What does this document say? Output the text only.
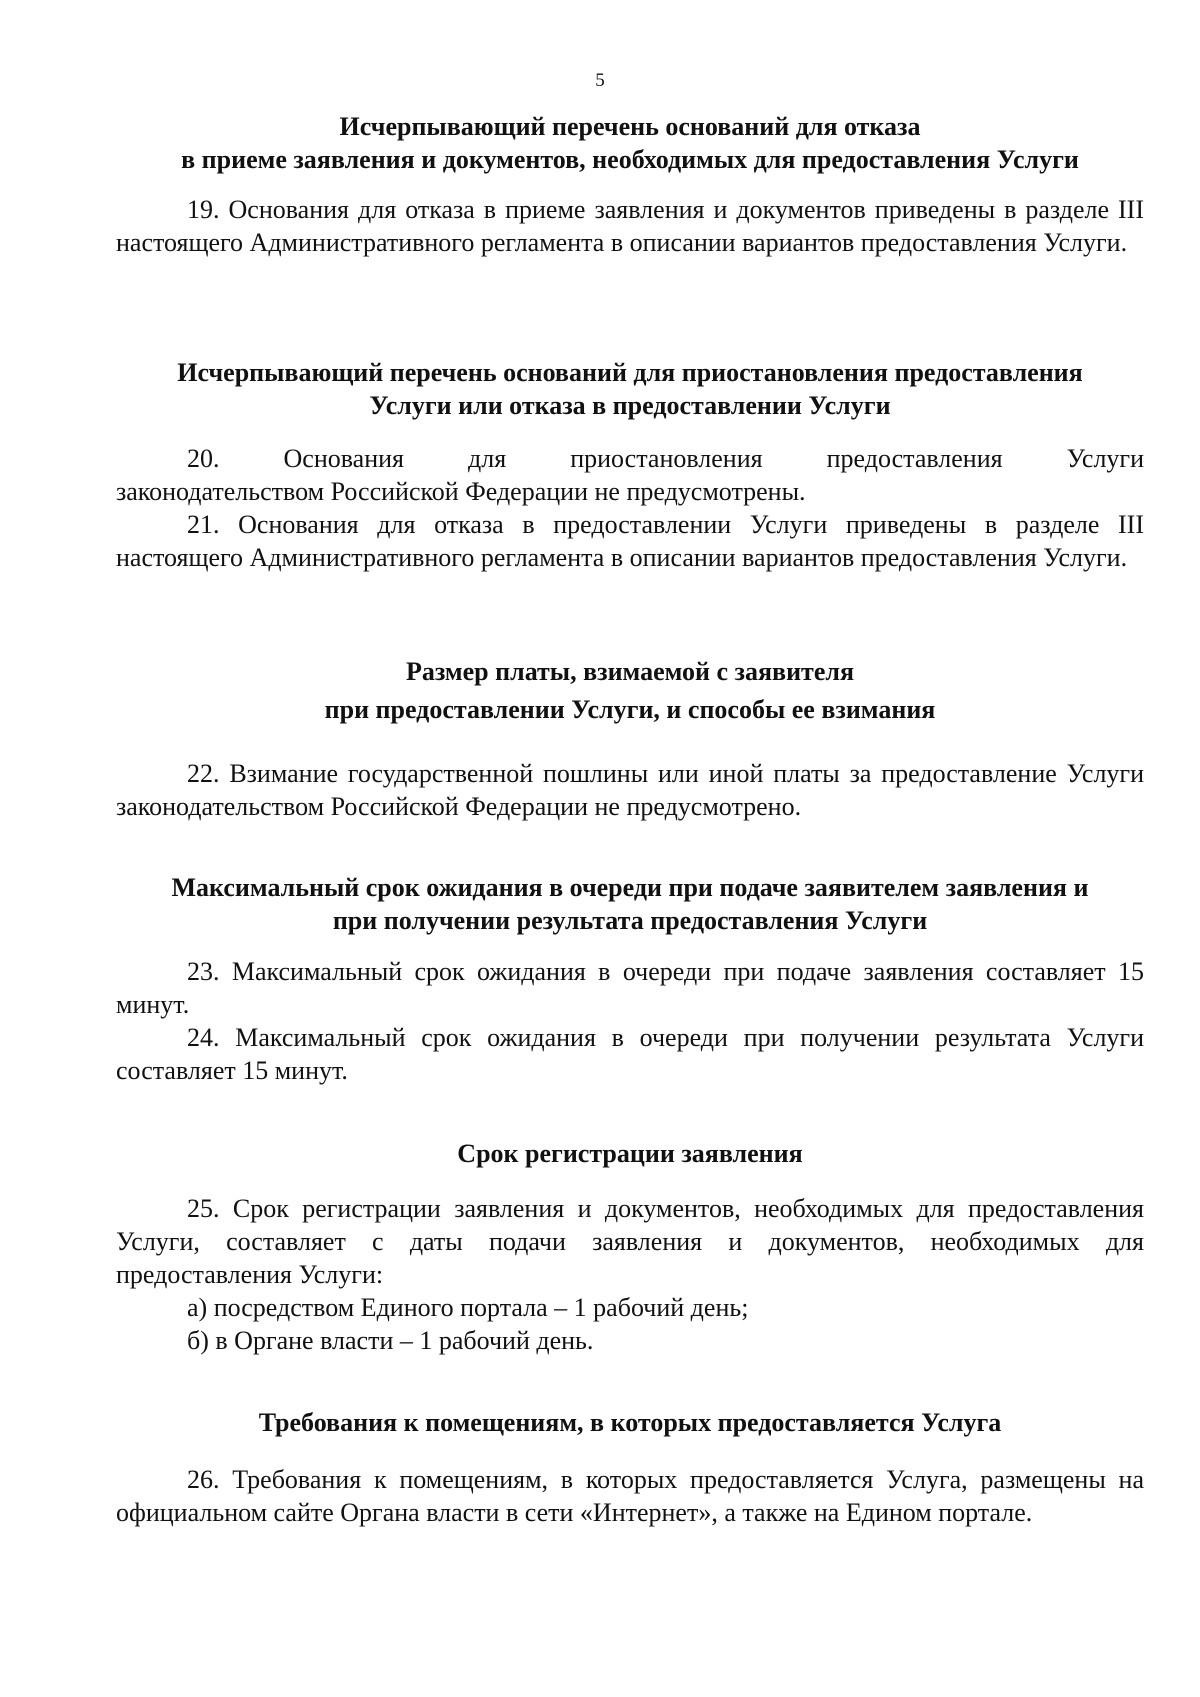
5
Исчерпывающий перечень оснований для отказа
в приеме заявления и документов, необходимых для предоставления Услуги
19. Основания для отказа в приеме заявления и документов приведены в разделе III настоящего Административного регламента в описании вариантов предоставления Услуги.
Исчерпывающий перечень оснований для приостановления предоставления
Услуги или отказа в предоставлении Услуги
20. Основания для приостановления предоставления Услуги
законодательством Российской Федерации не предусмотрены.
21. Основания для отказа в предоставлении Услуги приведены в разделе III настоящего Административного регламента в описании вариантов предоставления Услуги.
Размер платы, взимаемой с заявителя
при предоставлении Услуги, и способы ее взимания
22. Взимание государственной пошлины или иной платы за предоставление Услуги законодательством Российской Федерации не предусмотрено.
Максимальный срок ожидания в очереди при подаче заявителем заявления и
при получении результата предоставления Услуги
23. Максимальный срок ожидания в очереди при подаче заявления составляет 15 минут.
24. Максимальный срок ожидания в очереди при получении результата Услуги составляет 15 минут.
Срок регистрации заявления
25. Срок регистрации заявления и документов, необходимых для предоставления Услуги, составляет с даты подачи заявления и документов, необходимых для предоставления Услуги:
а) посредством Единого портала – 1 рабочий день;
б) в Органе власти – 1 рабочий день.
Требования к помещениям, в которых предоставляется Услуга
26. Требования к помещениям, в которых предоставляется Услуга, размещены на официальном сайте Органа власти в сети «Интернет», а также на Едином портале.
